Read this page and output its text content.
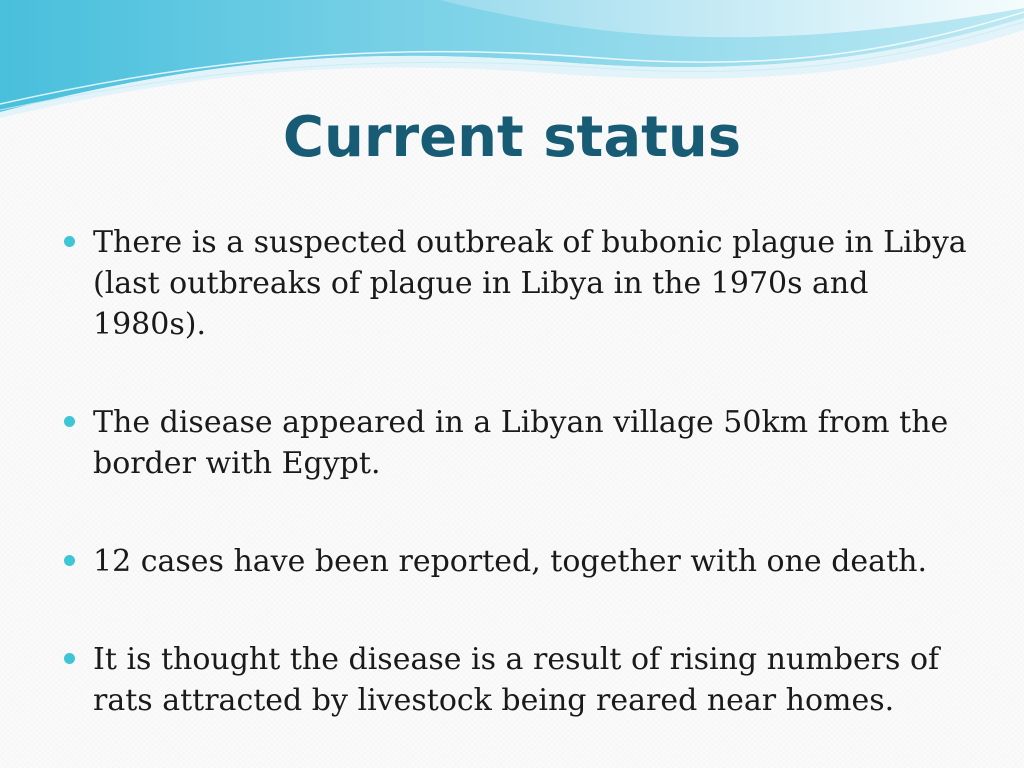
Current status
There is a suspected outbreak of bubonic plague in Libya (last outbreaks of plague in Libya in the 1970s and 1980s).
The disease appeared in a Libyan village 50km from the border with Egypt.
12 cases have been reported, together with one death.
It is thought the disease is a result of rising numbers of rats attracted by livestock being reared near homes.
